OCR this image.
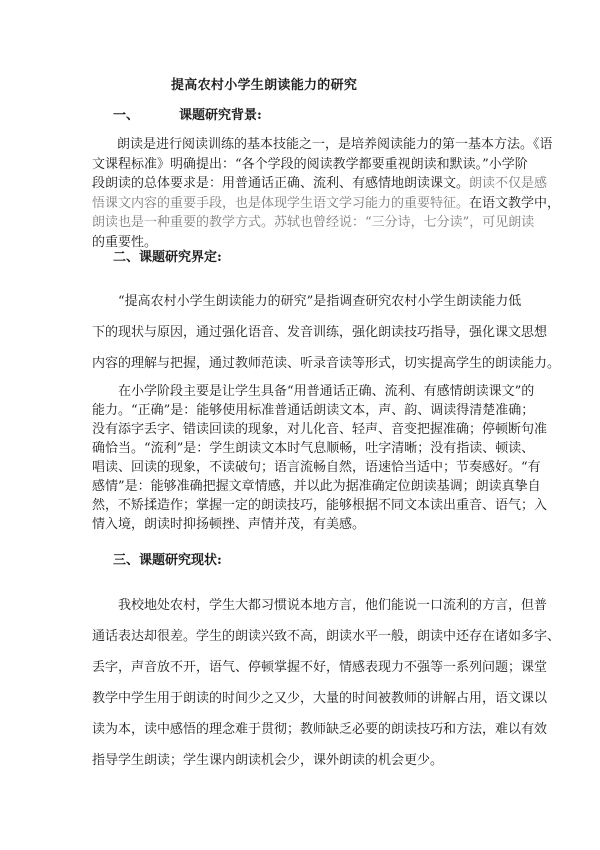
提高农村小学生朗读能力的研究
一、	课题研究背景:
朗读是进行阅读训练的基本技能之一，是培养阅读能力的第一基本方法。《语
文课程标准》明确提出：“各个学段的阅读教学都要重视朗读和默读。”小学阶
段朗读的总体要求是：用普通话正确、流利、有感情地朗读课文。朗读不仅是感
悟课文内容的重要手段，也是体现学生语文学习能力的重要特征。在语文教学中，
朗读也是一种重要的教学方式。苏轼也曾经说：“三分诗，七分读”，可见朗读
的重要性。
二、课题研究界定:
“提高农村小学生朗读能力的研究”是指调查研究农村小学生朗读能力低
下的现状与原因，通过强化语音、发音训练，强化朗读技巧指导，强化课文思想
内容的理解与把握，通过教师范读、听录音读等形式，切实提高学生的朗读能力。
在小学阶段主要是让学生具备“用普通话正确、流利、有感情朗读课文”的
能力。“正确”是：能够使用标准普通话朗读文本，声、韵、调读得清楚准确；
没有添字丢字、错读回读的现象，对儿化音、轻声、音变把握准确；停顿断句准
确恰当。“流利”是：学生朗读文本时气息顺畅，吐字清晰；没有指读、顿读、
唱读、回读的现象，不读破句；语言流畅自然，语速恰当适中；节奏感好。“有
感情”是：能够准确把握文章情感，并以此为据准确定位朗读基调；朗读真挚自
然，不矫揉造作；掌握一定的朗读技巧，能够根据不同文本读出重音、语气；入
情入境，朗读时抑扬顿挫、声情并茂，有美感。
三、课题研究现状:
我校地处农村，学生大都习惯说本地方言，他们能说一口流利的方言，但普
通话表达却很差。学生的朗读兴致不高，朗读水平一般，朗读中还存在诸如多字、
丢字，声音放不开，语气、停顿掌握不好，情感表现力不强等一系列问题；课堂
教学中学生用于朗读的时间少之又少，大量的时间被教师的讲解占用，语文课以
读为本，读中感悟的理念难于贯彻；教师缺乏必要的朗读技巧和方法，难以有效
指导学生朗读；学生课内朗读机会少，课外朗读的机会更少。
